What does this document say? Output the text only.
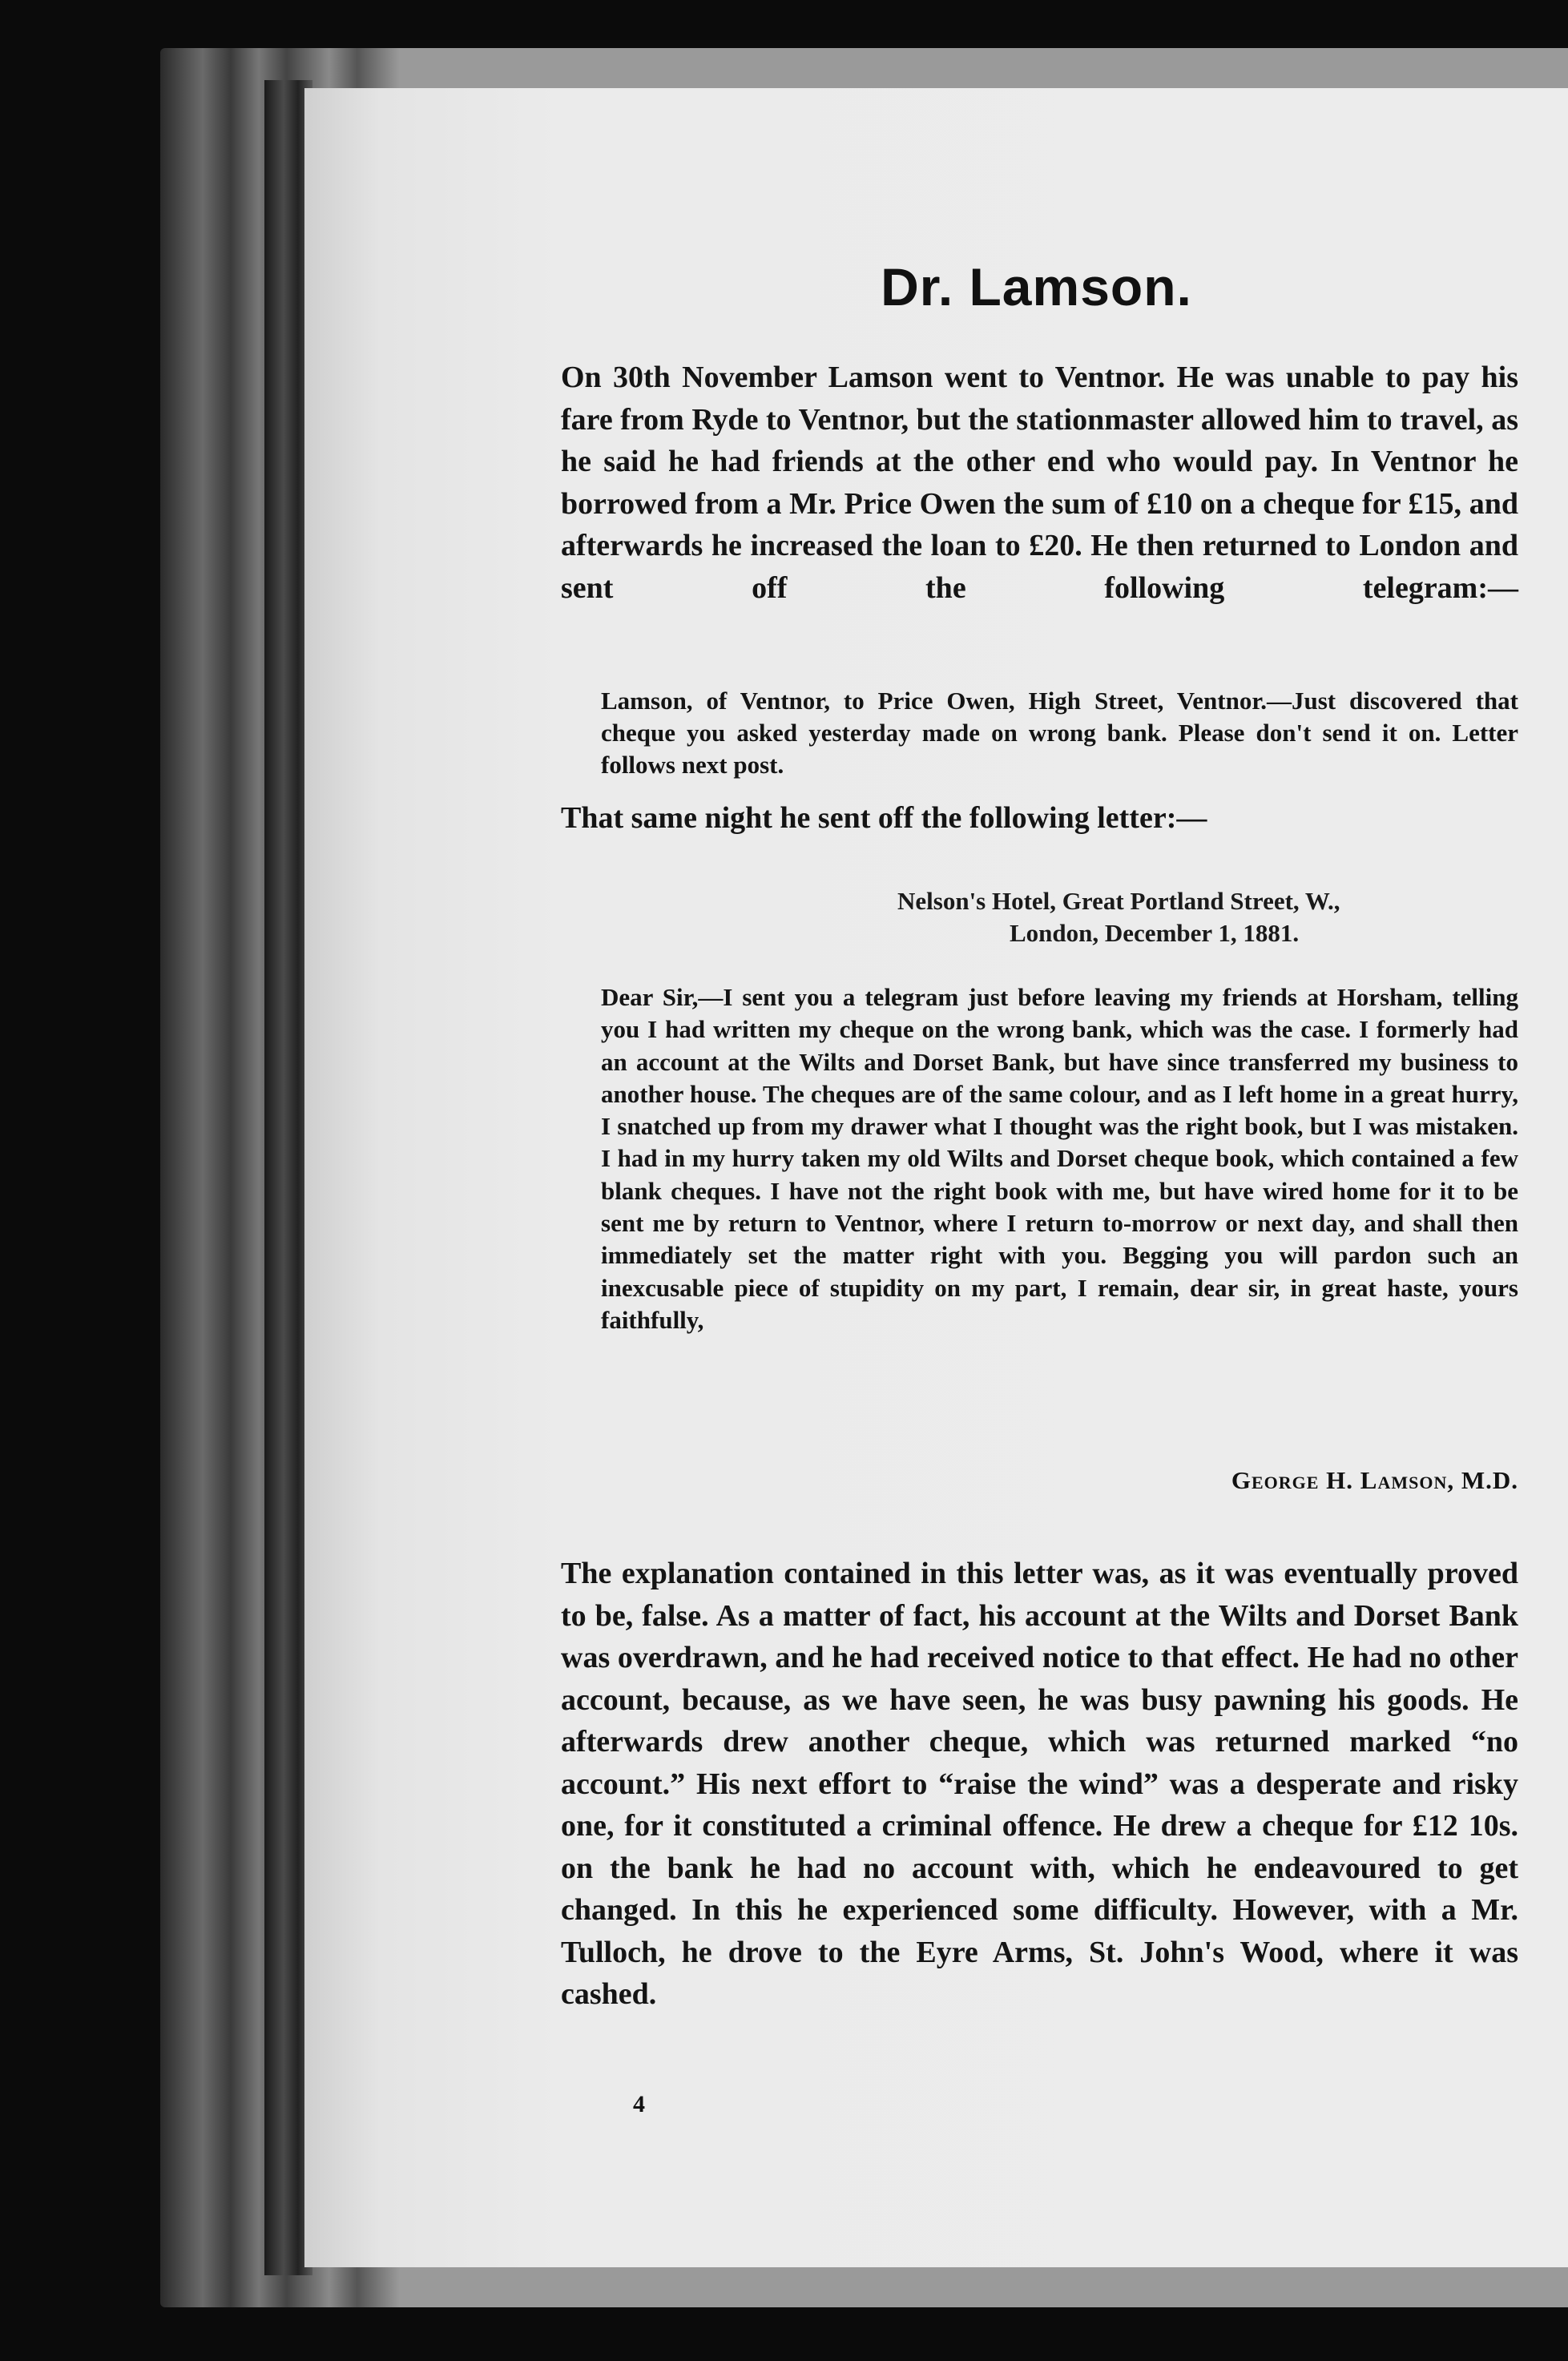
Dr. Lamson.
On 30th November Lamson went to Ventnor. He was unable to pay his fare from Ryde to Ventnor, but the stationmaster allowed him to travel, as he said he had friends at the other end who would pay. In Ventnor he borrowed from a Mr. Price Owen the sum of £10 on a cheque for £15, and afterwards he increased the loan to £20. He then returned to London and sent off the following telegram:—
Lamson, of Ventnor, to Price Owen, High Street, Ventnor.—Just discovered that cheque you asked yesterday made on wrong bank. Please don't send it on. Letter follows next post.
That same night he sent off the following letter:—
Nelson's Hotel, Great Portland Street, W.,
London, December 1, 1881.
Dear Sir,—I sent you a telegram just before leaving my friends at Horsham, telling you I had written my cheque on the wrong bank, which was the case. I formerly had an account at the Wilts and Dorset Bank, but have since transferred my business to another house. The cheques are of the same colour, and as I left home in a great hurry, I snatched up from my drawer what I thought was the right book, but I was mistaken. I had in my hurry taken my old Wilts and Dorset cheque book, which contained a few blank cheques. I have not the right book with me, but have wired home for it to be sent me by return to Ventnor, where I return to-morrow or next day, and shall then immediately set the matter right with you. Begging you will pardon such an inexcusable piece of stupidity on my part, I remain, dear sir, in great haste, yours faithfully,
George H. Lamson, M.D.
The explanation contained in this letter was, as it was eventually proved to be, false. As a matter of fact, his account at the Wilts and Dorset Bank was overdrawn, and he had received notice to that effect. He had no other account, because, as we have seen, he was busy pawning his goods. He afterwards drew another cheque, which was returned marked “no account.” His next effort to “raise the wind” was a desperate and risky one, for it constituted a criminal offence. He drew a cheque for £12 10s. on the bank he had no account with, which he endeavoured to get changed. In this he experienced some difficulty. However, with a Mr. Tulloch, he drove to the Eyre Arms, St. John's Wood, where it was cashed.
4
